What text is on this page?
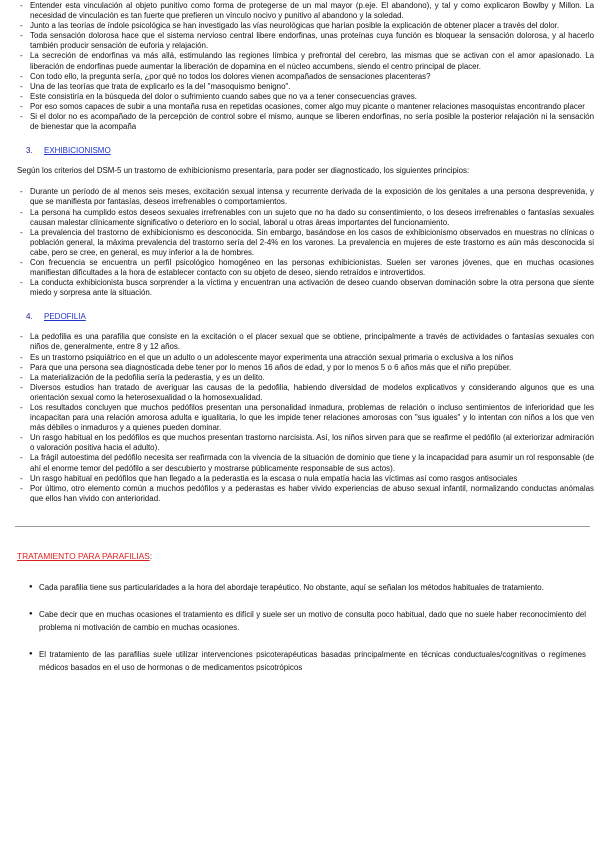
- Entender esta vinculación al objeto punitivo como forma de protegerse de un mal mayor (p.eje. El abandono), y tal y como explicaron Bowlby y Millon. La necesidad de vinculación es tan fuerte que prefieren un vínculo nocivo y punitivo al abandono y la soledad.
- Junto a las teorías de índole psicológica se han investigado las vías neurológicas que harían posible la explicación de obtener placer a través del dolor.
- Toda sensación dolorosa hace que el sistema nervioso central libere endorfinas, unas proteínas cuya función es bloquear la sensación dolorosa, y al hacerlo también producir sensación de euforia y relajación.
- La secreción de endorfinas va más allá, estimulando las regiones límbica y prefrontal del cerebro, las mismas que se activan con el amor apasionado. La liberación de endorfinas puede aumentar la liberación de dopamina en el núcleo accumbens, siendo el centro principal de placer.
- Con todo ello, la pregunta sería, ¿por qué no todos los dolores vienen acompañados de sensaciones placenteras?
- Una de las teorías que trata de explicarlo es la del "masoquismo benigno".
- Este consistiría en la búsqueda del dolor o sufrimiento cuando sabes que no va a tener consecuencias graves.
- Por eso somos capaces de subir a una montaña rusa en repetidas ocasiones, comer algo muy picante o mantener relaciones masoquistas encontrando placer
- Si el dolor no es acompañado de la percepción de control sobre el mismo, aunque se liberen endorfinas, no sería posible la posterior relajación ni la sensación de bienestar que la acompaña
3. EXHIBICIONISMO
Según los criterios del DSM-5 un trastorno de exhibicionismo presentaría, para poder ser diagnosticado, los siguientes principios:
- Durante un período de al menos seis meses, excitación sexual intensa y recurrente derivada de la exposición de los genitales a una persona desprevenida, y que se manifiesta por fantasías, deseos irrefrenables o comportamientos.
- La persona ha cumplido estos deseos sexuales irrefrenables con un sujeto que no ha dado su consentimiento, o los deseos irrefrenables o fantasías sexuales causan malestar clínicamente significativo o deterioro en lo social, laboral u otras áreas importantes del funcionamiento.
- La prevalencia del trastorno de exhibicionismo es desconocida. Sin embargo, basándose en los casos de exhibicionismo observados en muestras no clínicas o población general, la máxima prevalencia del trastorno sería del 2-4% en los varones. La prevalencia en mujeres de este trastorno es aún más desconocida si cabe, pero se cree, en general, es muy inferior a la de hombres.
- Con frecuencia se encuentra un perfil psicológico homogéneo en las personas exhibicionistas. Suelen ser varones jóvenes, que en muchas ocasiones manifiestan dificultades a la hora de establecer contacto con su objeto de deseo, siendo retraídos e introvertidos.
- La conducta exhibicionista busca sorprender a la víctima y encuentran una activación de deseo cuando observan dominación sobre la otra persona que siente miedo y sorpresa ante la situación.
4. PEDOFILIA
- La pedofilia es una parafilia que consiste en la excitación o el placer sexual que se obtiene, principalmente a través de actividades o fantasías sexuales con niños de, generalmente, entre 8 y 12 años.
- Es un trastorno psiquiátrico en el que un adulto o un adolescente mayor experimenta una atracción sexual primaria o exclusiva a los niños
- Para que una persona sea diagnosticada debe tener por lo menos 16 años de edad, y por lo menos 5 o 6 años más que el niño prepúber.
- La materialización de la pedofilia sería la pederastia, y es un delito.
- Diversos estudios han tratado de averiguar las causas de la pedofilia, habiendo diversidad de modelos explicativos y considerando algunos que es una orientación sexual como la heterosexualidad o la homosexualidad.
- Los resultados concluyen que muchos pedófilos presentan una personalidad inmadura, problemas de relación o incluso sentimientos de inferioridad que les incapacitan para una relación amorosa adulta e igualitaria, lo que les impide tener relaciones amorosas con "sus iguales" y lo intentan con niños a los que ven más débiles o inmaduros y a quienes pueden dominar.
- Un rasgo habitual en los pedófilos es que muchos presentan trastorno narcisista. Así, los niños sirven para que se reafirme el pedófilo (al exteriorizar admiración o valoración positiva hacia el adulto).
- La frágil autoestima del pedófilo necesita ser reafirmada con la vivencia de la situación de dominio que tiene y la incapacidad para asumir un rol responsable (de ahí el enorme temor del pedófilo a ser descubierto y mostrarse públicamente responsable de sus actos).
- Un rasgo habitual en pedófilos que han llegado a la pederastia es la escasa o nula empatía hacia las víctimas así como rasgos antisociales
- Por último, otro elemento común a muchos pedófilos y a pederastas es haber vivido experiencias de abuso sexual infantil, normalizando conductas anómalas que ellos han vivido con anterioridad.
TRATAMIENTO PARA PARAFILIAS:
● Cada parafilia tiene sus particularidades a la hora del abordaje terapéutico. No obstante, aquí se señalan los métodos habituales de tratamiento.
● Cabe decir que en muchas ocasiones el tratamiento es difícil y suele ser un motivo de consulta poco habitual, dado que no suele haber reconocimiento del problema ni motivación de cambio en muchas ocasiones.
● El tratamiento de las parafilias suele utilizar intervenciones psicoterapéuticas basadas principalmente en técnicas conductuales/cognitivas o regímenes médicos basados en el uso de hormonas o de medicamentos psicotrópicos
